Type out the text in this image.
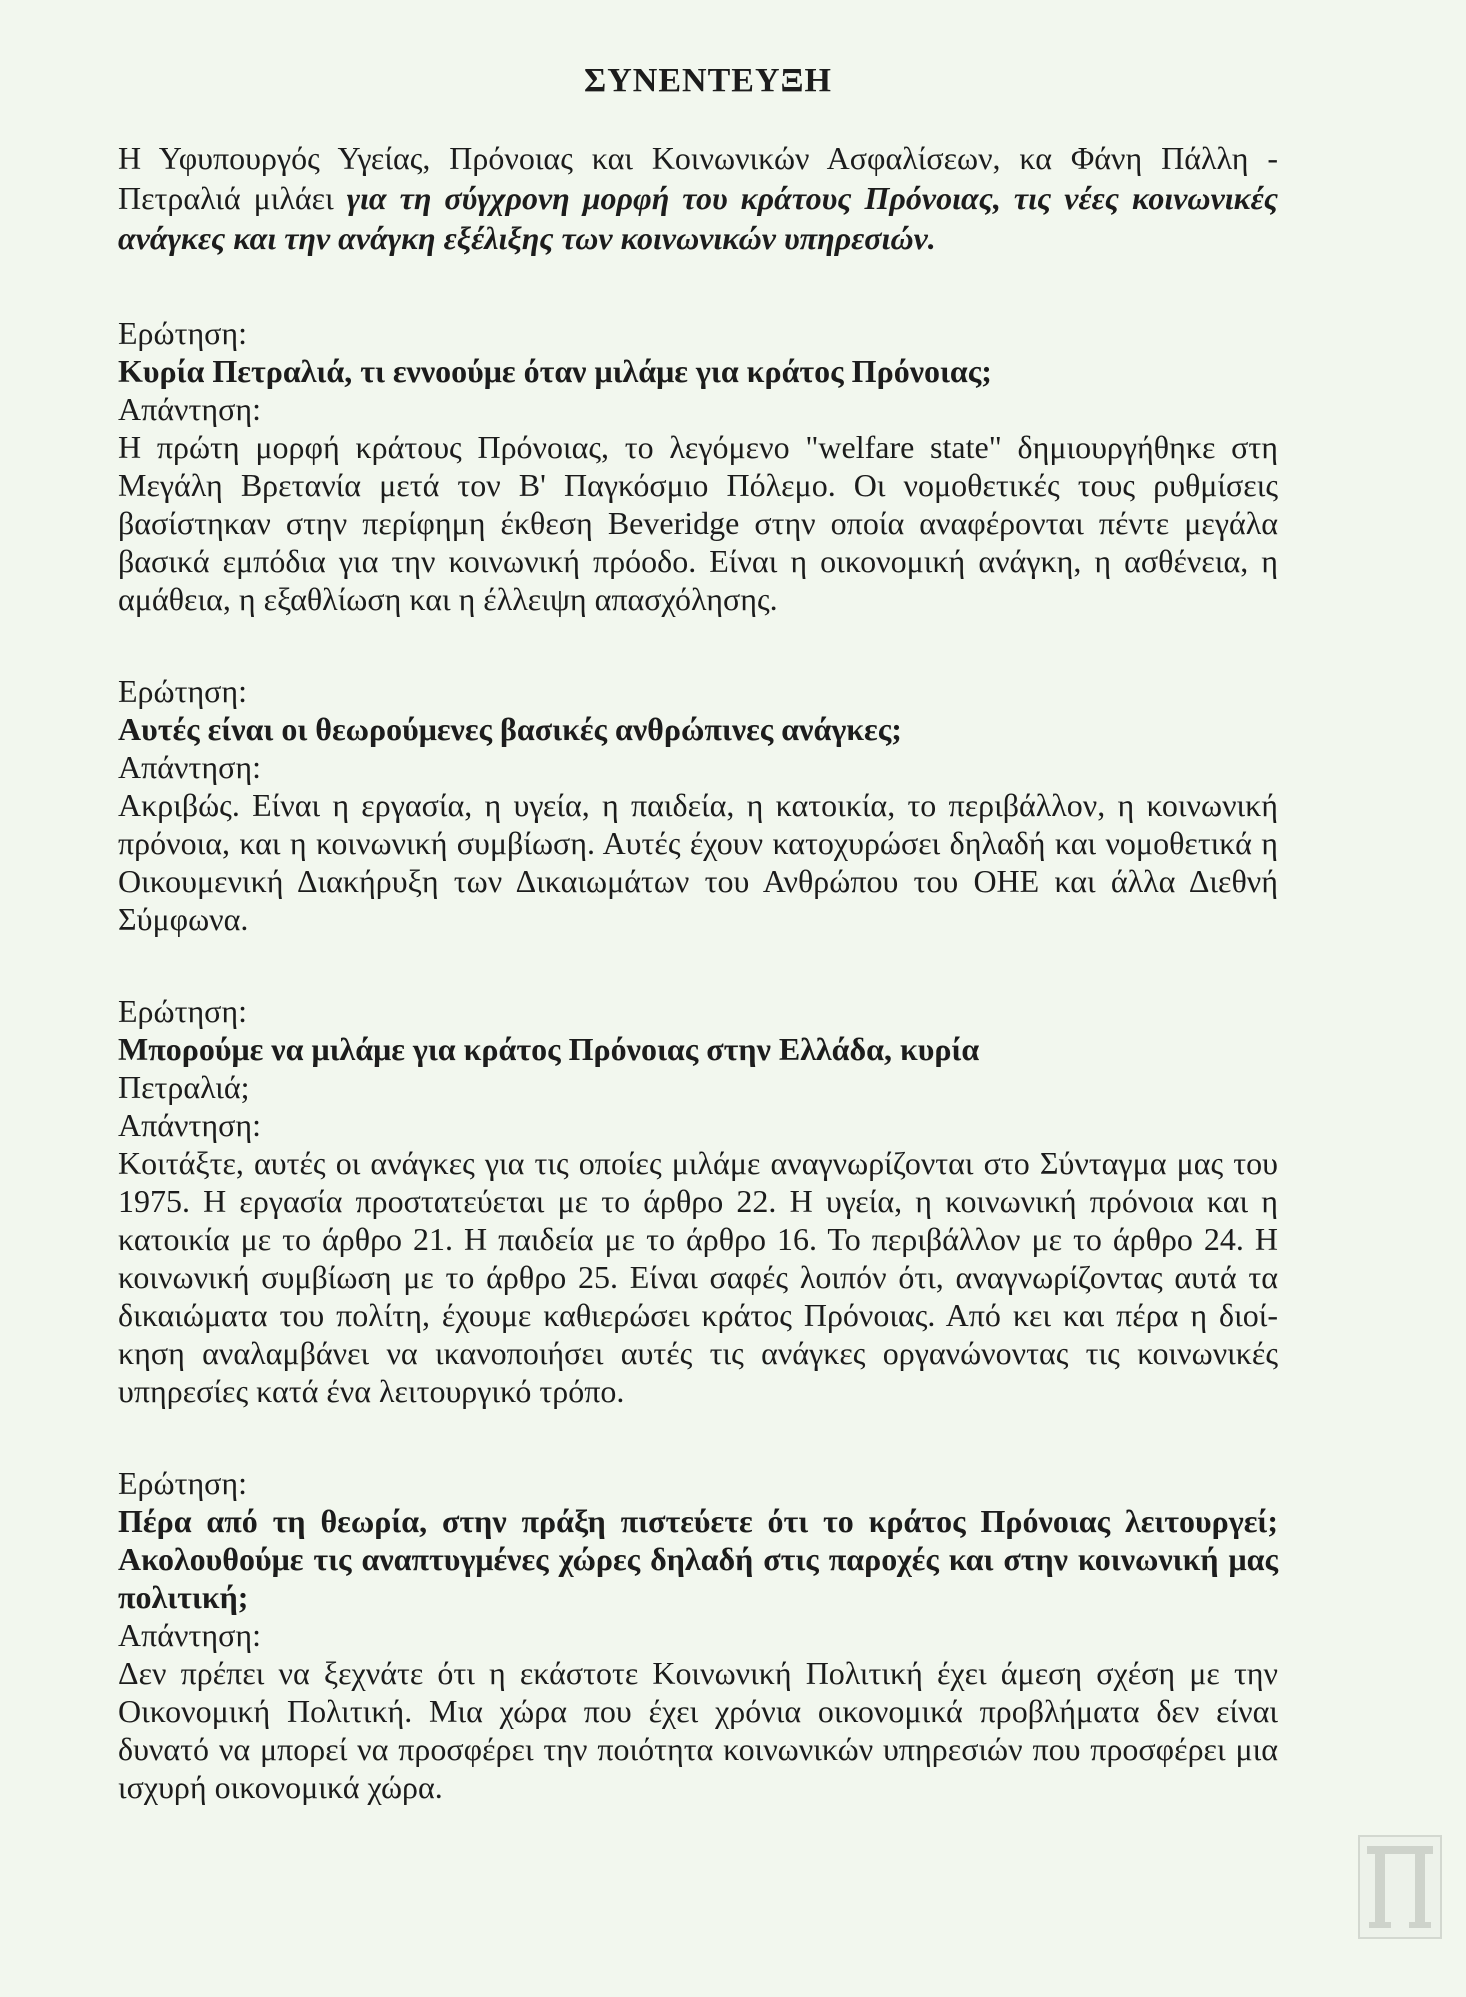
ΣΥΝΕΝΤΕΥΞΗ
Η Υφυπουργός Υγείας, Πρόνοιας και Κοινωνικών Ασφαλίσεων, κα Φάνη Πάλλη - Πετραλιά μιλάει για τη σύγχρονη μορφή του κράτους Πρόνοιας, τις νέες κοινωνικές ανάγκες και την ανάγκη εξέλιξης των κοινωνικών υπηρεσιών.
Ερώτηση:
Κυρία Πετραλιά, τι εννοούμε όταν μιλάμε για κράτος Πρόνοιας;
Απάντηση:
Η πρώτη μορφή κράτους Πρόνοιας, το λεγόμενο "welfare state" δημιουργήθηκε στη Μεγάλη Βρετανία μετά τον Β' Παγκόσμιο Πόλεμο. Οι νομοθετικές τους ρυθμίσεις βασίστηκαν στην περίφημη έκθεση Beveridge στην οποία αναφέρονται πέντε μεγάλα βασικά εμπόδια για την κοινωνική πρόοδο. Είναι η οικονομική ανάγκη, η ασθένεια, η αμάθεια, η εξαθλίωση και η έλλειψη απασχόλησης.
Ερώτηση:
Αυτές είναι οι θεωρούμενες βασικές ανθρώπινες ανάγκες;
Απάντηση:
Ακριβώς. Είναι η εργασία, η υγεία, η παιδεία, η κατοικία, το περιβάλλον, η κοινωνική πρόνοια, και η κοινωνική συμβίωση. Αυτές έχουν κατοχυρώσει δηλαδή και νομοθετικά η Οικουμενική Διακήρυξη των Δικαιωμάτων του Ανθρώπου του ΟΗΕ και άλλα Διεθνή Σύμφωνα.
Ερώτηση:
Μπορούμε να μιλάμε για κράτος Πρόνοιας στην Ελλάδα, κυρία
Πετραλιά;
Απάντηση:
Κοιτάξτε, αυτές οι ανάγκες για τις οποίες μιλάμε αναγνωρίζονται στο Σύνταγμα μας του 1975. Η εργασία προστατεύεται με το άρθρο 22. Η υγεία, η κοινωνική πρόνοια και η κατοικία με το άρθρο 21. Η παιδεία με το άρθρο 16. Το περιβάλλον με το άρθρο 24. Η κοινωνική συμβίωση με το άρθρο 25. Είναι σαφές λοιπόν ότι, αναγνωρίζοντας αυτά τα δικαιώματα του πολίτη, έχουμε καθιερώσει κράτος Πρόνοιας. Από κει και πέρα η διοί-κηση αναλαμβάνει να ικανοποιήσει αυτές τις ανάγκες οργανώνοντας τις κοινωνικές υπηρεσίες κατά ένα λειτουργικό τρόπο.
Ερώτηση:
Πέρα από τη θεωρία, στην πράξη πιστεύετε ότι το κράτος Πρόνοιας λειτουργεί; Ακολουθούμε τις αναπτυγμένες χώρες δηλαδή στις παροχές και στην κοινωνική μας πολιτική;
Απάντηση:
Δεν πρέπει να ξεχνάτε ότι η εκάστοτε Κοινωνική Πολιτική έχει άμεση σχέση με την Οικονομική Πολιτική. Μια χώρα που έχει χρόνια οικονομικά προβλήματα δεν είναι δυνατό να μπορεί να προσφέρει την ποιότητα κοινωνικών υπηρεσιών που προσφέρει μια ισχυρή οικονομικά χώρα.
